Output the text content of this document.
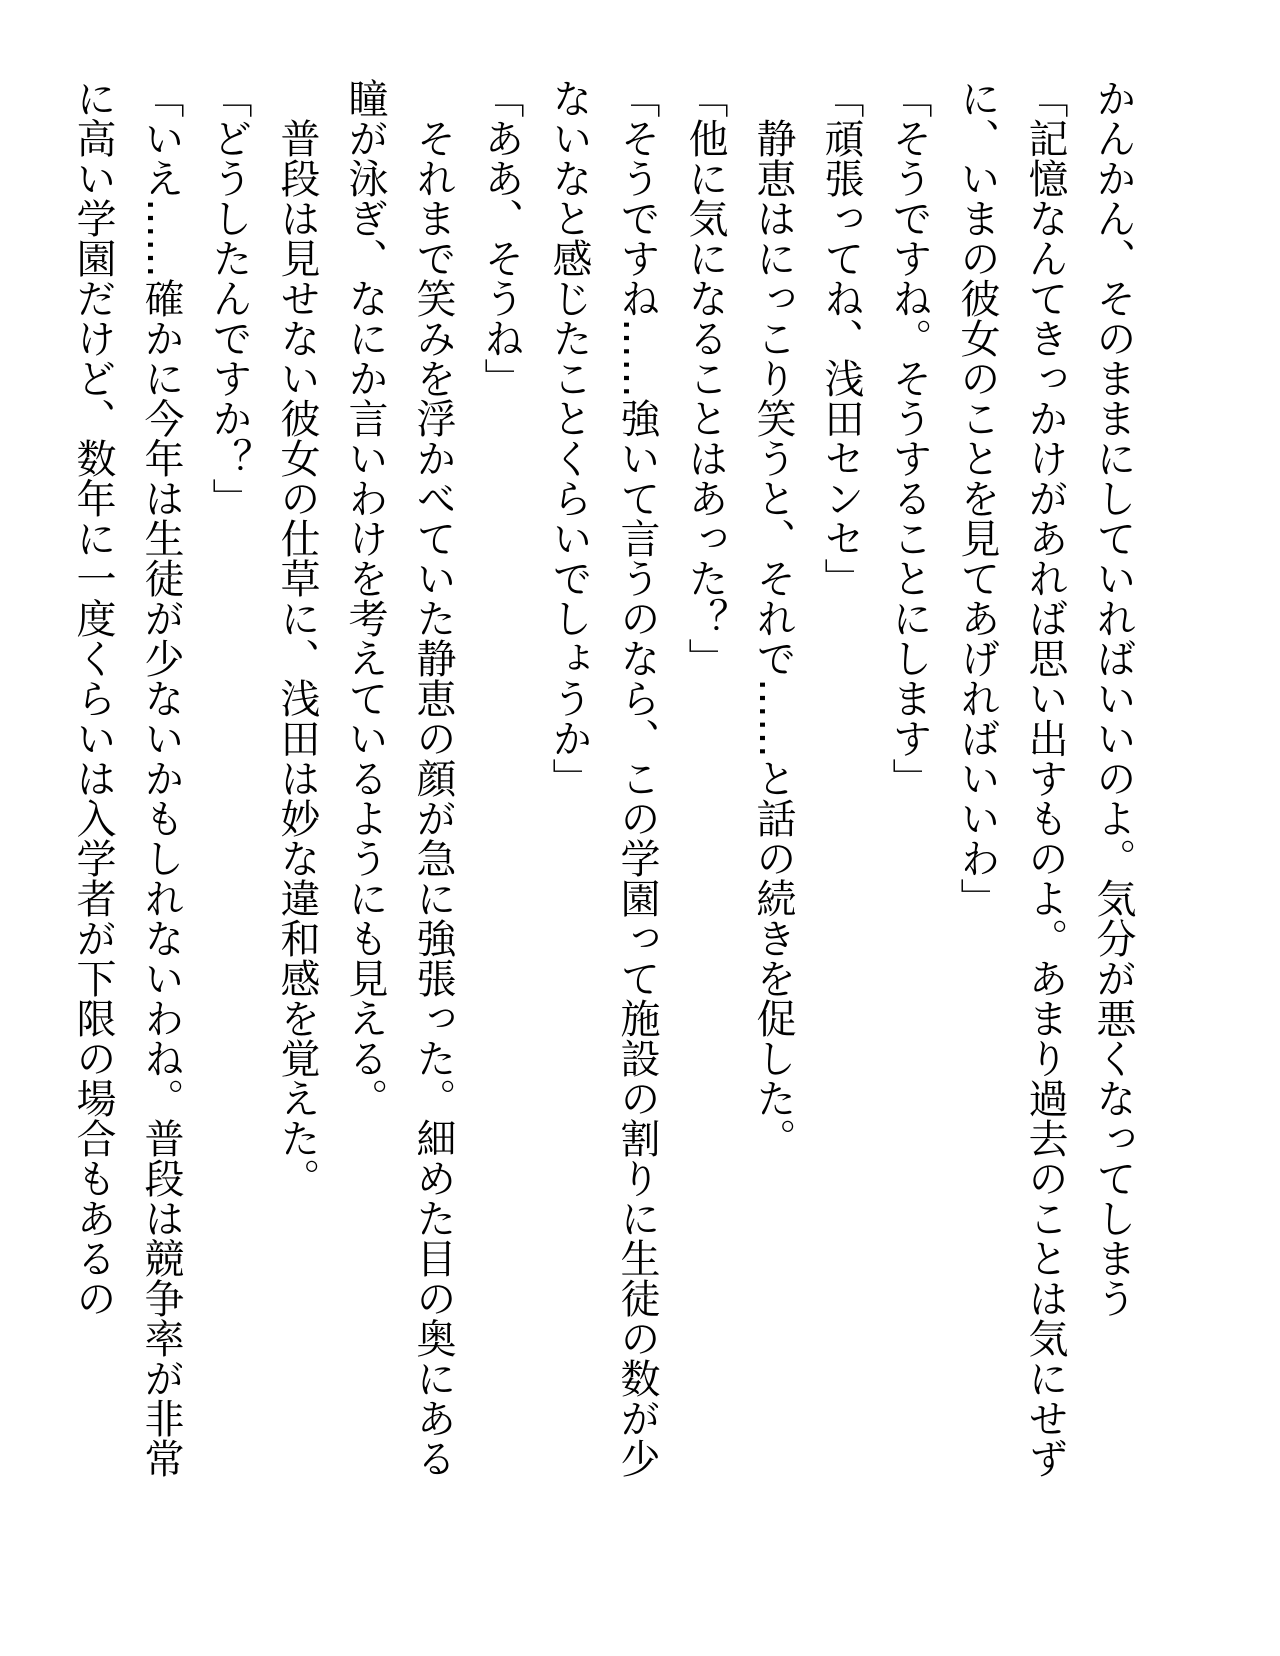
かんかん、そのままにしていればいいのよ。気分が悪くなってしまう
「記憶なんてきっかけがあれば思い出すものよ。あまり過去のことは気にせず
に、いまの彼女のことを見てあげればいいわ」
「そうですね。そうすることにします」
「頑張ってね、浅田センセ」
　静恵はにっこり笑うと、それで……と話の続きを促した。
「他に気になることはあった？」
「そうですね……強いて言うのなら、この学園って施設の割りに生徒の数が少
ないなと感じたことくらいでしょうか」
「ああ、そうね」
　それまで笑みを浮かべていた静恵の顔が急に強張った。細めた目の奥にある
瞳が泳ぎ、なにか言いわけを考えているようにも見える。
　普段は見せない彼女の仕草に、浅田は妙な違和感を覚えた。
「どうしたんですか？」
「いえ……確かに今年は生徒が少ないかもしれないわね。普段は競争率が非常
に高い学園だけど、数年に一度くらいは入学者が下限の場合もあるの
